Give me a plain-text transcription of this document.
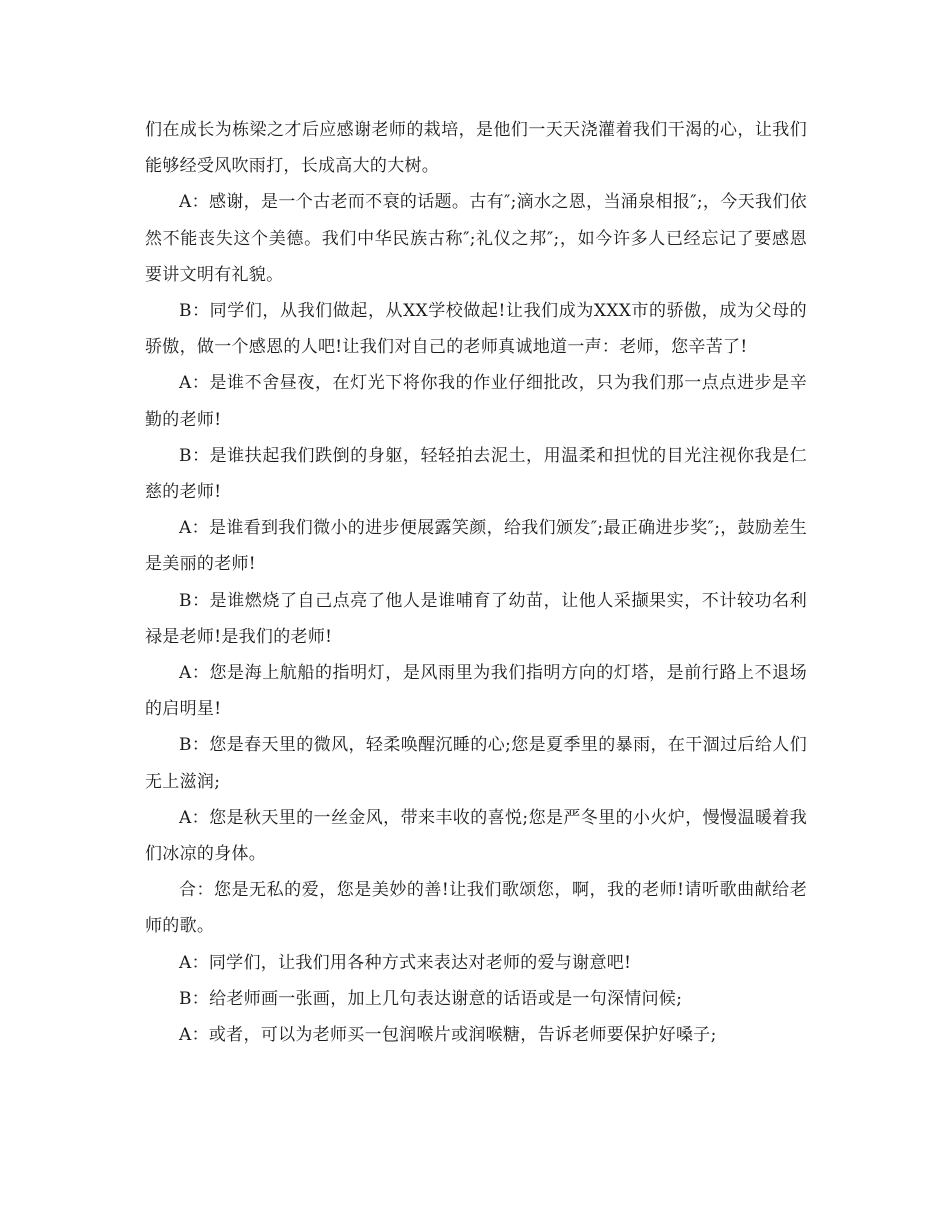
们在成长为栋梁之才后应感谢老师的栽培，是他们一天天浇灌着我们干渴的心，让我们能够经受风吹雨打，长成高大的大树。

A：感谢，是一个古老而不衰的话题。古有″;滴水之恩，当涌泉相报″;，今天我们依然不能丧失这个美德。我们中华民族古称″;礼仪之邦″;，如今许多人已经忘记了要感恩要讲文明有礼貌。

B：同学们，从我们做起，从XX学校做起!让我们成为XXX市的骄傲，成为父母的骄傲，做一个感恩的人吧!让我们对自己的老师真诚地道一声：老师，您辛苦了!

A：是谁不舍昼夜，在灯光下将你我的作业仔细批改，只为我们那一点点进步是辛勤的老师!

B：是谁扶起我们跌倒的身躯，轻轻拍去泥土，用温柔和担忧的目光注视你我是仁慈的老师!

A：是谁看到我们微小的进步便展露笑颜，给我们颁发″;最正确进步奖″;，鼓励差生是美丽的老师!

B：是谁燃烧了自己点亮了他人是谁哺育了幼苗，让他人采撷果实，不计较功名利禄是老师!是我们的老师!

A：您是海上航船的指明灯，是风雨里为我们指明方向的灯塔，是前行路上不退场的启明星!

B：您是春天里的微风，轻柔唤醒沉睡的心;您是夏季里的暴雨，在干涸过后给人们无上滋润;

A：您是秋天里的一丝金风，带来丰收的喜悦;您是严冬里的小火炉，慢慢温暖着我们冰凉的身体。

合：您是无私的爱，您是美妙的善!让我们歌颂您，啊，我的老师!请听歌曲献给老师的歌。

A：同学们，让我们用各种方式来表达对老师的爱与谢意吧!

B：给老师画一张画，加上几句表达谢意的话语或是一句深情问候;

A：或者，可以为老师买一包润喉片或润喉糖，告诉老师要保护好嗓子;
